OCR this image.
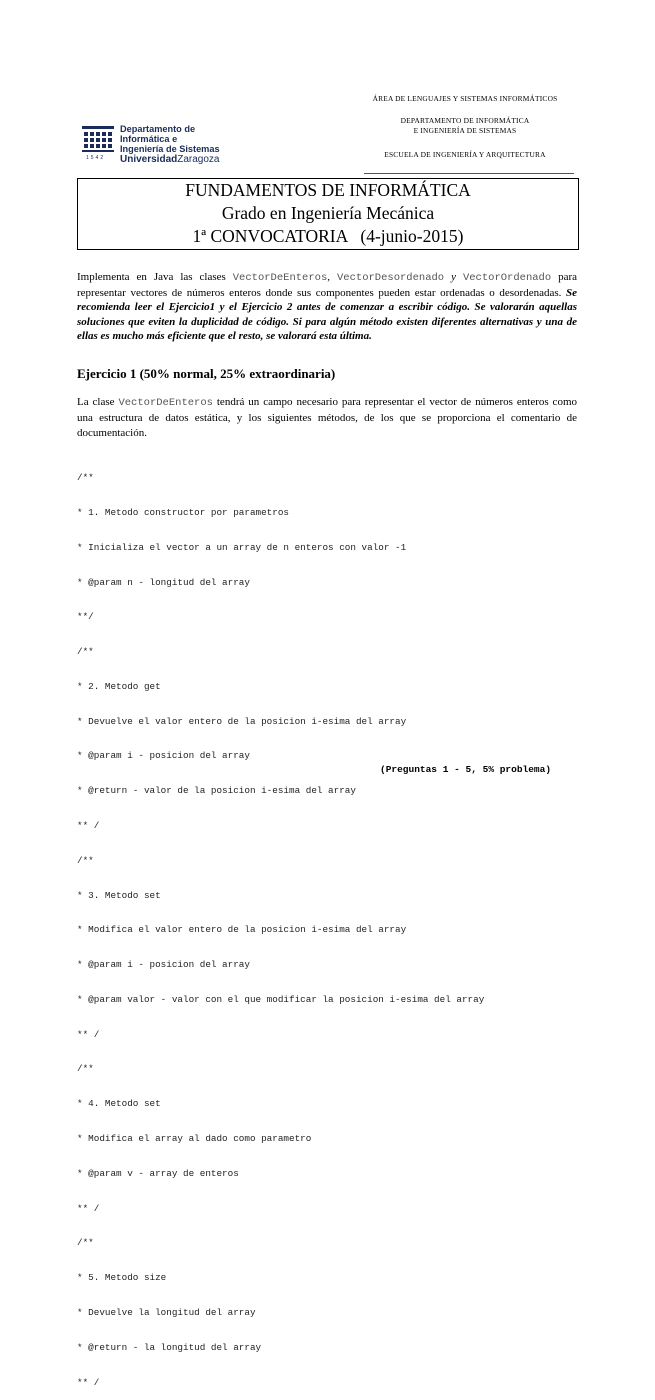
ÁREA DE LENGUAJES Y SISTEMAS INFORMÁTICOS
DEPARTAMENTO DE INFORMÁTICA
E INGENIERÍA DE SISTEMAS
ESCUELA DE INGENIERÍA Y ARQUITECTURA
1542
Departamento de
Informática e
Ingeniería de Sistemas
UniversidadZaragoza
FUNDAMENTOS DE INFORMÁTICA
Grado en Ingeniería Mecánica
1ª CONVOCATORIA   (4-junio-2015)
Implementa en Java las clases VectorDeEnteros, VectorDesordenado y VectorOrdenado para representar vectores de números enteros donde sus componentes pueden estar ordenadas o desordenadas. Se recomienda leer el Ejercicio1 y el Ejercicio 2 antes de comenzar a escribir código. Se valorarán aquellas soluciones que eviten la duplicidad de código. Si para algún método existen diferentes alternativas y una de ellas es mucho más eficiente que el resto, se valorará esta última.
Ejercicio 1 (50% normal, 25% extraordinaria)
La clase VectorDeEnteros tendrá un campo necesario para representar el vector de números enteros como una estructura de datos estática, y los siguientes métodos, de los que se proporciona el comentario de documentación.

/**

* 1. Metodo constructor por parametros

* Inicializa el vector a un array de n enteros con valor -1

* @param n - longitud del array

**/

/**

* 2. Metodo get

* Devuelve el valor entero de la posicion i-esima del array

* @param i - posicion del array

* @return - valor de la posicion i-esima del array

** /

/**

* 3. Metodo set

* Modifica el valor entero de la posicion i-esima del array

* @param i - posicion del array

* @param valor - valor con el que modificar la posicion i-esima del array

** /

/**

* 4. Metodo set

* Modifica el array al dado como parametro

* @param v - array de enteros

** /

/**

* 5. Metodo size

* Devuelve la longitud del array

* @return - la longitud del array

** /

(Preguntas 1 - 5, 5% problema)
